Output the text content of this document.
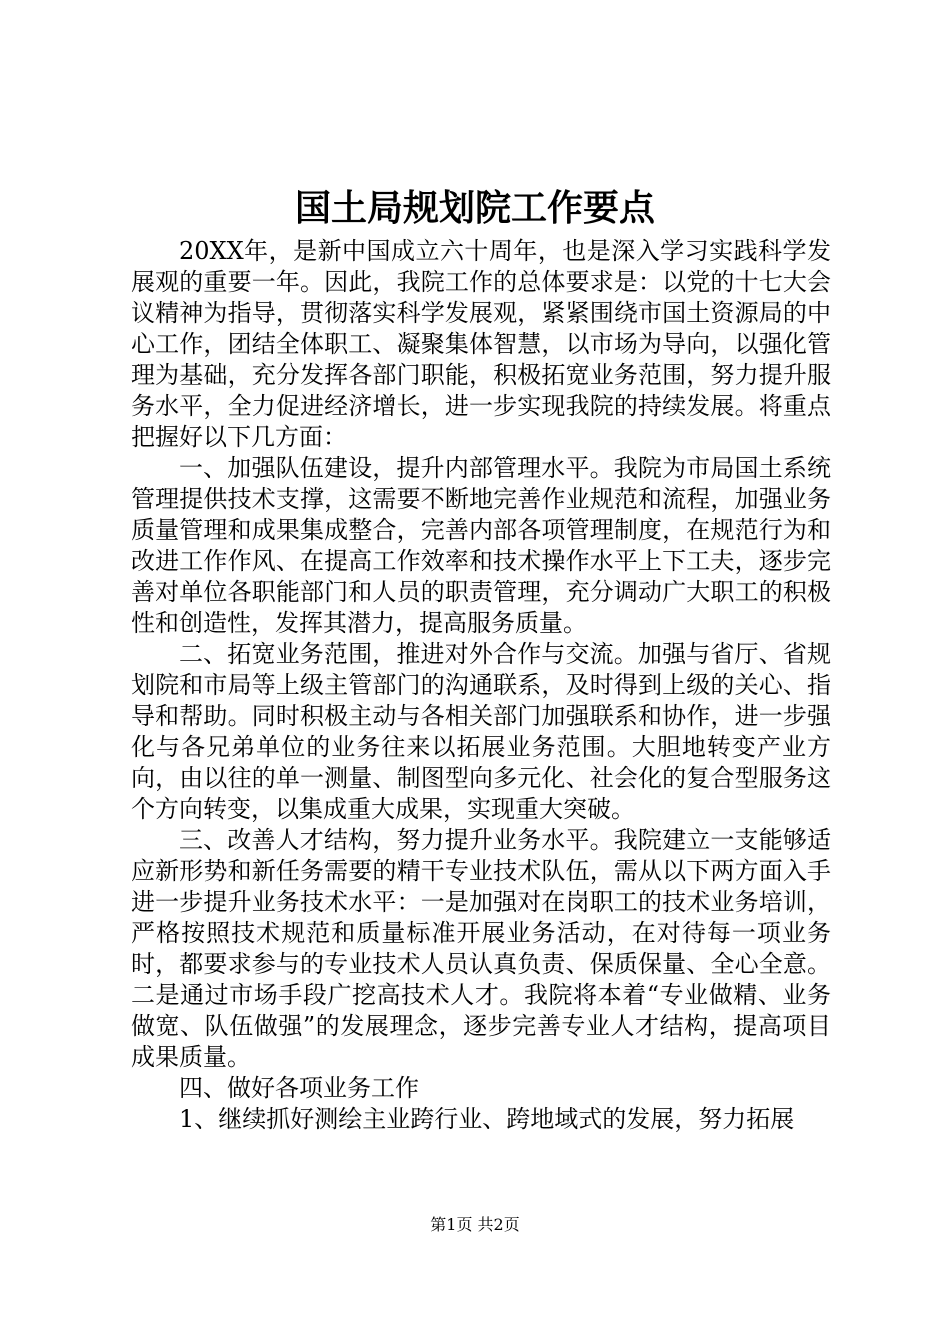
国土局规划院工作要点

20XX年，是新中国成立六十周年，也是深入学习实践科学发展观的重要一年。因此，我院工作的总体要求是：以党的十七大会议精神为指导，贯彻落实科学发展观，紧紧围绕市国土资源局的中心工作，团结全体职工、凝聚集体智慧，以市场为导向，以强化管理为基础，充分发挥各部门职能，积极拓宽业务范围，努力提升服务水平，全力促进经济增长，进一步实现我院的持续发展。将重点把握好以下几方面：

一、加强队伍建设，提升内部管理水平。我院为市局国土系统管理提供技术支撑，这需要不断地完善作业规范和流程，加强业务质量管理和成果集成整合，完善内部各项管理制度，在规范行为和改进工作作风、在提高工作效率和技术操作水平上下工夫，逐步完善对单位各职能部门和人员的职责管理，充分调动广大职工的积极性和创造性，发挥其潜力，提高服务质量。

二、拓宽业务范围，推进对外合作与交流。加强与省厅、省规划院和市局等上级主管部门的沟通联系，及时得到上级的关心、指导和帮助。同时积极主动与各相关部门加强联系和协作，进一步强化与各兄弟单位的业务往来以拓展业务范围。大胆地转变产业方向，由以往的单一测量、制图型向多元化、社会化的复合型服务这个方向转变，以集成重大成果，实现重大突破。

三、改善人才结构，努力提升业务水平。我院建立一支能够适应新形势和新任务需要的精干专业技术队伍，需从以下两方面入手进一步提升业务技术水平：一是加强对在岗职工的技术业务培训，严格按照技术规范和质量标准开展业务活动，在对待每一项业务时，都要求参与的专业技术人员认真负责、保质保量、全心全意。二是通过市场手段广挖高技术人才。我院将本着“专业做精、业务做宽、队伍做强”的发展理念，逐步完善专业人才结构，提高项目成果质量。

四、做好各项业务工作

1、继续抓好测绘主业跨行业、跨地域式的发展，努力拓展

第1页 共2页
